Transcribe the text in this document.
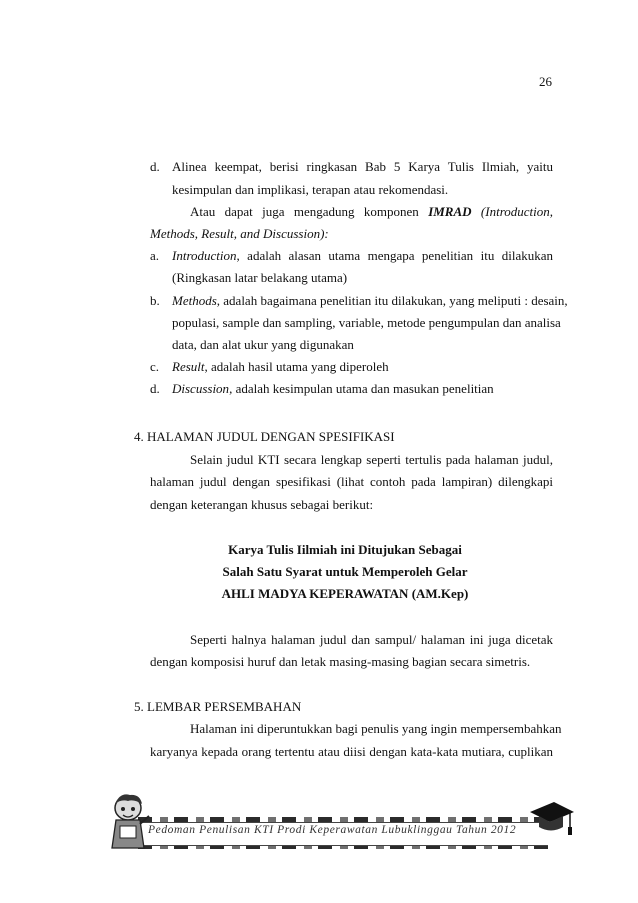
26
d. Alinea keempat, berisi ringkasan Bab 5 Karya Tulis Ilmiah, yaitu
kesimpulan dan implikasi, terapan atau rekomendasi.
Atau dapat juga mengadung komponen IMRAD (Introduction,
Methods, Result, and Discussion):
a. Introduction, adalah alasan utama mengapa penelitian itu dilakukan
(Ringkasan latar belakang utama)
b. Methods, adalah bagaimana penelitian itu dilakukan, yang meliputi : desain,
populasi, sample dan sampling, variable, metode pengumpulan dan analisa
data, dan alat ukur yang digunakan
c. Result, adalah hasil utama yang diperoleh
d. Discussion, adalah kesimpulan utama dan masukan penelitian
4. HALAMAN JUDUL DENGAN SPESIFIKASI
Selain judul KTI secara lengkap seperti tertulis pada halaman judul,
halaman judul dengan spesifikasi (lihat contoh pada lampiran) dilengkapi
dengan keterangan khusus sebagai berikut:
Karya Tulis Iilmiah ini Ditujukan Sebagai
Salah Satu Syarat untuk Memperoleh Gelar
AHLI MADYA KEPERAWATAN (AM.Kep)
Seperti halnya halaman judul dan sampul/ halaman ini juga dicetak
dengan komposisi huruf dan letak masing-masing bagian secara simetris.
5. LEMBAR PERSEMBAHAN
Halaman ini diperuntukkan bagi penulis yang ingin mempersembahkan
karyanya kepada orang tertentu atau diisi dengan kata-kata mutiara, cuplikan
Pedoman Penulisan KTI Prodi Keperawatan Lubuklinggau Tahun 2012
